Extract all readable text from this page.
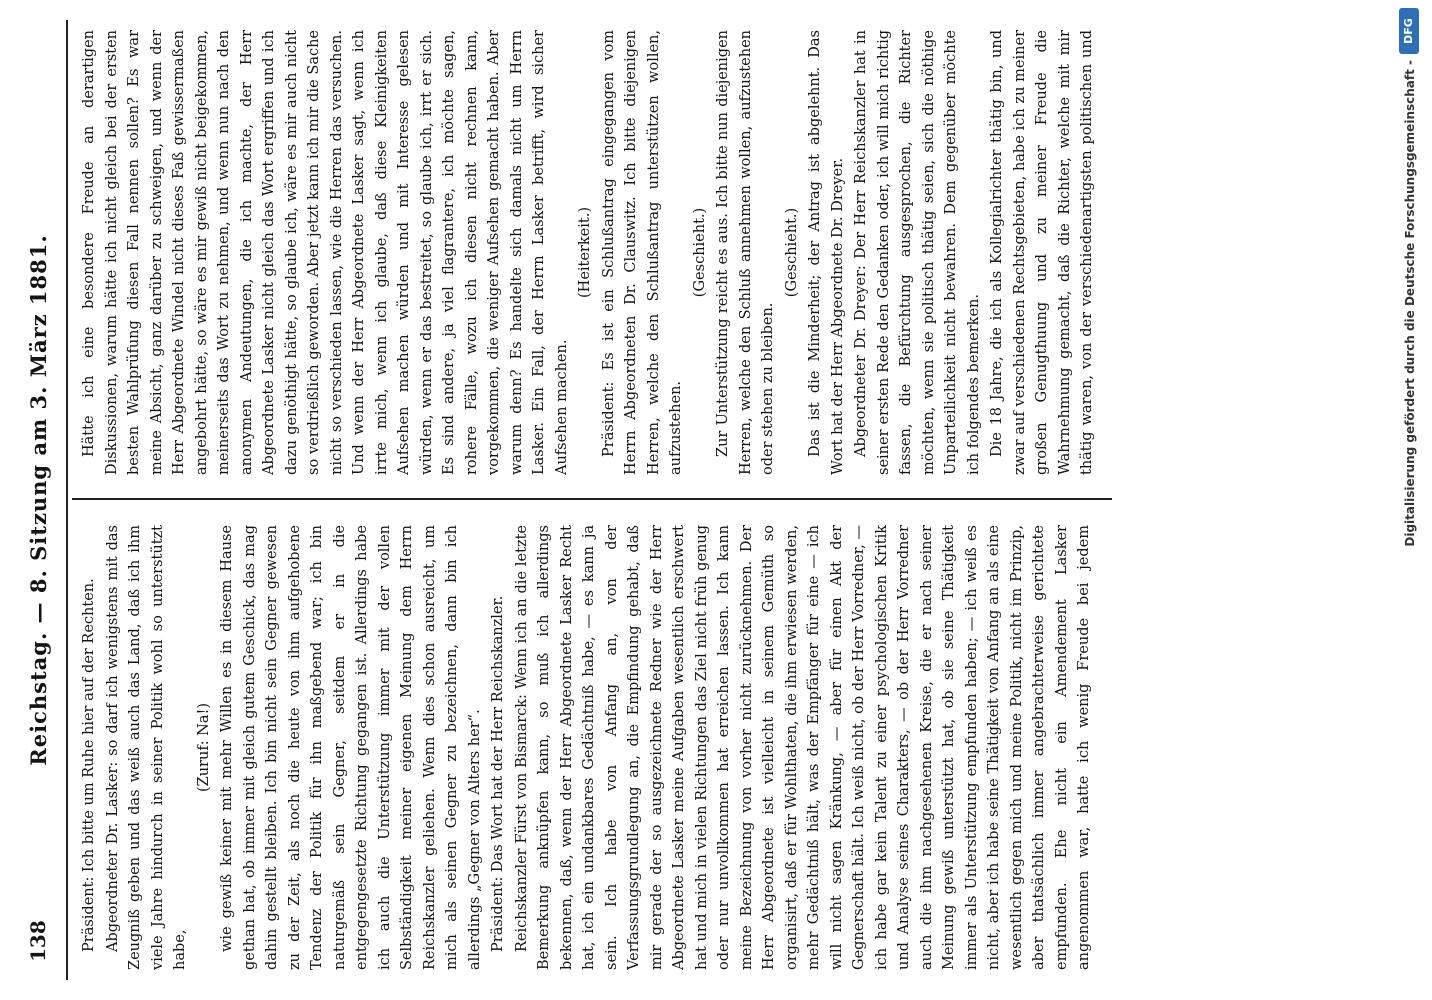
138
Reichstag. — 8. Sitzung am 3. März 1881. Präsident: Ich bitte um Ruhe hier auf der Rechten. Abgeordneter Dr. Lasker: so darf ich wenigstens mit das Zeugniß geben und das weiß auch das Land, daß ich ihm viele Jahre hindurch in seiner Politik wohl so unterstützt habe,

(Zuruf: Na!) wie gewiß keiner mit mehr Willen es in diesem Hause gethan hat, ob immer mit gleich gutem Geschick, das mag dahin gestellt bleiben. Ich bin nicht sein Gegner gewesen zu der Zeit, als noch die heute von ihm aufgehobene Tendenz der Politik für ihn maßgebend war; ich bin naturgemäß sein Gegner, seitdem er in die entgegengesetzte Richtung gegangen ist. Allerdings habe ich auch die Unterstützung immer mit der vollen Selbständigkeit meiner eigenen Meinung dem Herrn Reichskanzler geliehen. Wenn dies schon ausreicht, um mich als seinen Gegner zu bezeichnen, dann bin ich allerdings „Gegner von Alters her“. Präsident: Das Wort hat der Herr Reichskanzler. Reichskanzler Fürst von Bismarck: Wenn ich an die letzte Bemerkung anknüpfen kann, so muß ich allerdings bekennen, daß, wenn der Herr Abgeordnete Lasker Recht hat, ich ein undankbares Gedächtniß habe, — es kann ja sein. Ich habe von Anfang an, von der Verfassungsgrundlegung an, die Empfindung gehabt, daß mir gerade der so ausgezeichnete Redner wie der Herr Abgeordnete Lasker meine Aufgaben wesentlich erschwert hat und mich in vielen Richtungen das Ziel nicht früh genug oder nur unvollkommen hat erreichen lassen. Ich kann meine Bezeichnung von vorher nicht zurücknehmen. Der Herr Abgeordnete ist vielleicht in seinem Gemüth so organisirt, daß er für Wohlthaten, die ihm erwiesen werden, mehr Gedächtniß hält, was der Empfänger für eine — ich will nicht sagen Kränkung, — aber für einen Akt der Gegnerschaft hält. Ich weiß nicht, ob der Herr Vorredner, — ich habe gar kein Talent zu einer psychologischen Kritik und Analyse seines Charakters, — ob der Herr Vorredner auch die ihm nachgesehenen Kreise, die er nach seiner Meinung gewiß unterstützt hat, ob sie seine Thätigkeit immer als Unterstützung empfunden haben; — ich weiß es nicht, aber ich habe seine Thätigkeit von Anfang an als eine wesentlich gegen mich und meine Politik, nicht im Prinzip, aber thatsächlich immer angebrachterweise gerichtete empfunden. Ehe nicht ein Amendement Lasker angenommen war, hatte ich wenig Freude bei jedem

Hätte ich eine besondere Freude an derartigen Diskussionen, warum hätte ich nicht gleich bei der ersten besten Wahlprüfung diesen Fall nennen sollen? Es war meine Absicht, ganz darüber zu schweigen, und wenn der Herr Abgeordnete Windel nicht dieses Faß gewissermaßen angebohrt hätte, so wäre es mir gewiß nicht beigekommen, meinerseits das Wort zu nehmen, und wenn nun nach den anonymen Andeutungen, die ich machte, der Herr Abgeordnete Lasker nicht gleich das Wort ergriffen und ich dazu genöthigt hätte, so glaube ich, wäre es mir auch nicht so verdrießlich geworden. Aber jetzt kann ich mir die Sache nicht so verschieden lassen, wie die Herren das versuchen. Und wenn der Herr Abgeordnete Lasker sagt, wenn ich irrte mich, wenn ich glaube, daß diese Kleinigkeiten Aufsehen machen würden und mit Interesse gelesen würden, wenn er das bestreitet, so glaube ich, irrt er sich. Es sind andere, ja viel flagrantere, ich möchte sagen, rohere Fälle, wozu ich diesen nicht rechnen kann, vorgekommen, die weniger Aufsehen gemacht haben. Aber warum denn? Es handelte sich damals nicht um Herrn Lasker. Ein Fall, der Herrn Lasker betrifft, wird sicher Aufsehen machen.

(Heiterkeit.) Präsident: Es ist ein Schlußantrag eingegangen vom Herrn Abgeordneten Dr. Clauswitz. Ich bitte diejenigen Herren, welche den Schlußantrag unterstützen wollen, aufzustehen.

(Geschieht.) Zur Unterstützung reicht es aus. Ich bitte nun diejenigen Herren, welche den Schluß annehmen wollen, aufzustehen oder stehen zu bleiben.

(Geschieht.) Das ist die Minderheit; der Antrag ist abgelehnt. Das Wort hat der Herr Abgeordnete Dr. Dreyer. Abgeordneter Dr. Dreyer: Der Herr Reichskanzler hat in seiner ersten Rede den Gedanken oder, ich will mich richtig fassen, die Befürchtung ausgesprochen, die Richter möchten, wenn sie politisch thätig seien, sich die nöthige Unparteilichkeit nicht bewahren. Dem gegenüber möchte ich folgendes bemerken. Die 18 Jahre, die ich als Kollegialrichter thätig bin, und zwar auf verschiedenen Rechtsgebieten, habe ich zu meiner großen Genugthuung und zu meiner Freude die Wahrnehmung gemacht, daß die Richter, welche mit mir thätig waren, von der verschiedenartigsten politischen und

Digitalisierung gefördert durch die Deutsche Forschungsgemeinschaft -
DFG
